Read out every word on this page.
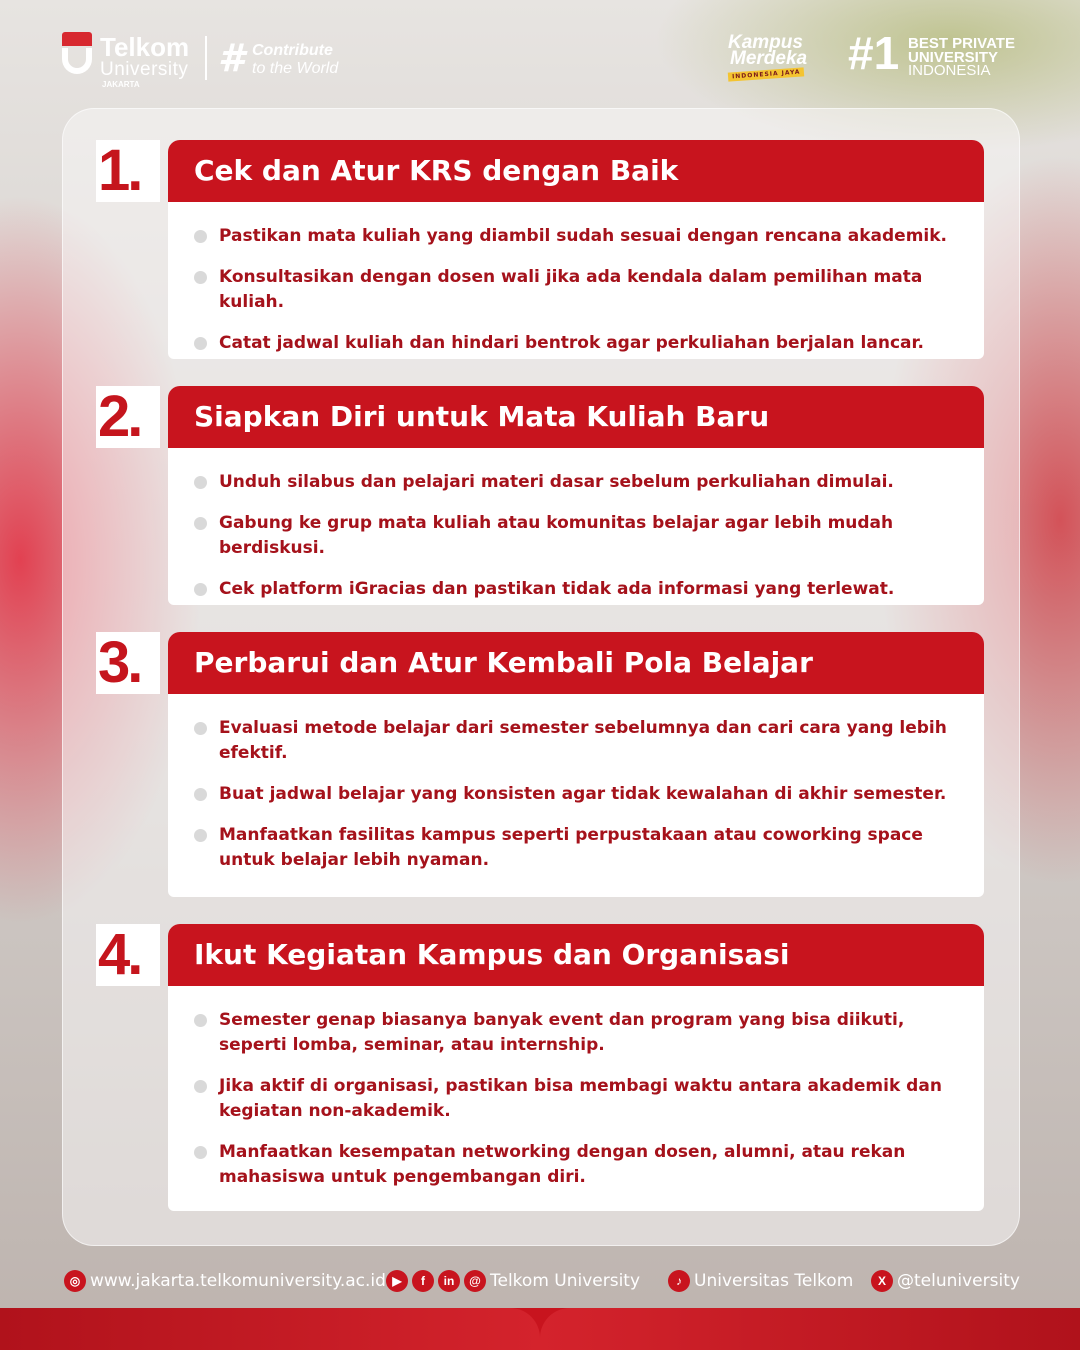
Telkom
University
JAKARTA
# Contribute
to the World
Kampus
Merdeka
INDONESIA JAYA #1 BEST PRIVATE
UNIVERSITY
INDONESIA
1.	Cek dan Atur KRS dengan Baik
Pastikan mata kuliah yang diambil sudah sesuai dengan rencana akademik.
Konsultasikan dengan dosen wali jika ada kendala dalam pemilihan mata kuliah.
Catat jadwal kuliah dan hindari bentrok agar perkuliahan berjalan lancar.
2.	Siapkan Diri untuk Mata Kuliah Baru
Unduh silabus dan pelajari materi dasar sebelum perkuliahan dimulai.
Gabung ke grup mata kuliah atau komunitas belajar agar lebih mudah berdiskusi.
Cek platform iGracias dan pastikan tidak ada informasi yang terlewat.
3.	Perbarui dan Atur Kembali Pola Belajar
Evaluasi metode belajar dari semester sebelumnya dan cari cara yang lebih efektif.
Buat jadwal belajar yang konsisten agar tidak kewalahan di akhir semester.
Manfaatkan fasilitas kampus seperti perpustakaan atau coworking space untuk belajar lebih nyaman.
4.	Ikut Kegiatan Kampus dan Organisasi
Semester genap biasanya banyak event dan program yang bisa diikuti, seperti lomba, seminar, atau internship.
Jika aktif di organisasi, pastikan bisa membagi waktu antara akademik dan kegiatan non-akademik.
Manfaatkan kesempatan networking dengan dosen, alumni, atau rekan mahasiswa untuk pengembangan diri.
◎ www.jakarta.telkomuniversity.ac.id ▶	f	in	@ Telkom University	♪ Universitas Telkom	X @teluniversity
